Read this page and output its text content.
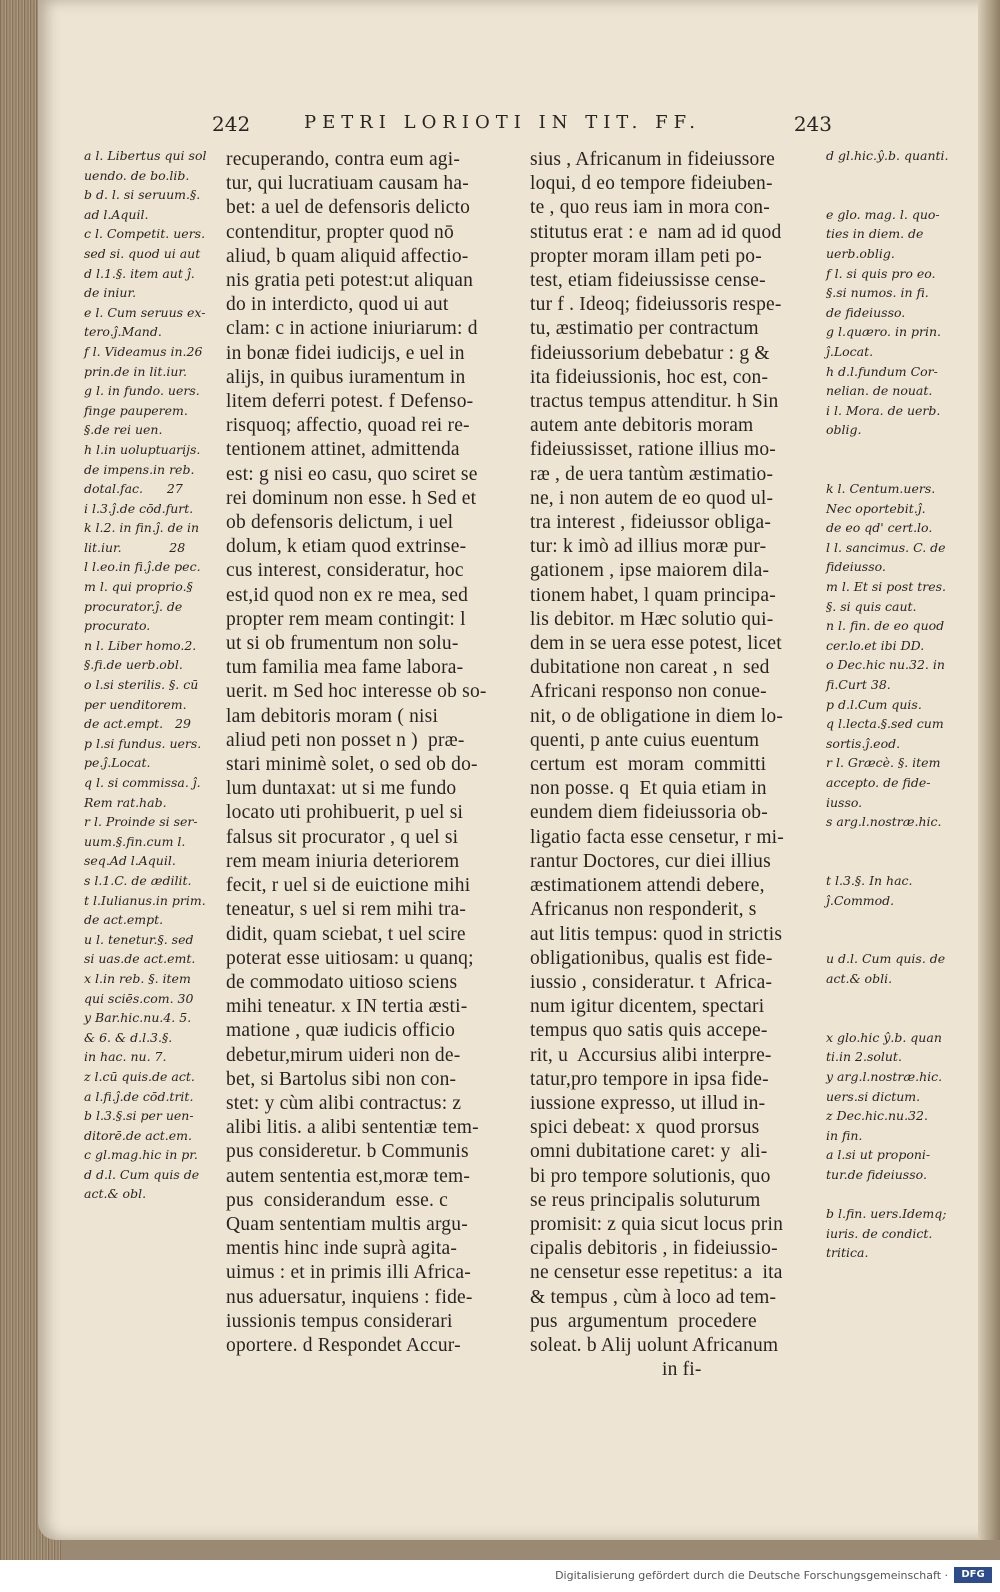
242	PETRI LORIOTI IN TIT. FF.	243
a l. Libertus qui sol
uendo. de bo.lib.
b d. l. si seruum.§.
ad l.Aquil.
c l. Competit. uers.
sed si. quod ui aut
d l.1.§. item aut ĵ.
de iniur.
e l. Cum seruus ex-
tero.ĵ.Mand.
f l. Videamus in.26
prin.de in lit.iur.
g l. in fundo. uers.
finge pauperem.
§.de rei uen.
h l.in uoluptuarijs.
de impens.in reb.
dotal.fac.      27
i l.3.ĵ.de cōd.furt.
k l.2. in fin.ĵ. de in
lit.iur.            28
l l.eo.in fi.ĵ.de pec.
m l. qui proprio.§
procurator.ĵ. de
procurato.
n l. Liber homo.2.
§.fi.de uerb.obl.
o l.si sterilis. §. cū
per uenditorem.
de act.empt.   29
p l.si fundus. uers.
pe.ĵ.Locat.
q l. si commissa. ĵ.
Rem rat.hab.
r l. Proinde si ser-
uum.§.fin.cum l.
seq.Ad l.Aquil.
s l.1.C. de ædilit.
t l.Iulianus.in prim.
de act.empt.
u l. tenetur.§. sed
si uas.de act.emt.
x l.in reb. §. item
qui sciēs.com. 30
y Bar.hic.nu.4. 5.
& 6. & d.l.3.§.
in hac. nu. 7.
z l.cū quis.de act.
a l.fi.ĵ.de cōd.trit.
b l.3.§.si per uen-
ditorē.de act.em.
c gl.mag.hic in pr.
d d.l. Cum quis de
act.& obl.
recuperando, contra eum agi-
tur, qui lucratiuam causam ha-
bet: a uel de defensoris delicto
contenditur, propter quod nō
aliud, b quam aliquid affectio-
nis gratia peti potest:ut aliquan
do in interdicto, quod ui aut
clam: c in actione iniuriarum: d
in bonæ fidei iudicijs, e uel in
alijs, in quibus iuramentum in
litem deferri potest. f Defenso-
risquoq; affectio, quoad rei re-
tentionem attinet, admittenda
est: g nisi eo casu, quo sciret se
rei dominum non esse. h Sed et
ob defensoris delictum, i uel
dolum, k etiam quod extrinse-
cus interest, consideratur, hoc
est,id quod non ex re mea, sed
propter rem meam contingit: l
ut si ob frumentum non solu-
tum familia mea fame labora-
uerit. m Sed hoc interesse ob so-
lam debitoris moram ( nisi
aliud peti non posset n )  præ-
stari minimè solet, o sed ob do-
lum duntaxat: ut si me fundo
locato uti prohibuerit, p uel si
falsus sit procurator , q uel si
rem meam iniuria deteriorem
fecit, r uel si de euictione mihi
teneatur, s uel si rem mihi tra-
didit, quam sciebat, t uel scire
poterat esse uitiosam: u quanq;
de commodato uitioso sciens
mihi teneatur. x IN tertia æsti-
matione , quæ iudicis officio
debetur,mirum uideri non de-
bet, si Bartolus sibi non con-
stet: y cùm alibi contractus: z
alibi litis. a alibi sententiæ tem-
pus consideretur. b Communis
autem sententia est,moræ tem-
pus  considerandum  esse. c
Quam sententiam multis argu-
mentis hinc inde suprà agita-
uimus : et in primis illi Africa-
nus aduersatur, inquiens : fide-
iussionis tempus considerari
oportere. d Respondet Accur-
sius , Africanum in fideiussore
loqui, d eo tempore fideiuben-
te , quo reus iam in mora con-
stitutus erat : e  nam ad id quod
propter moram illam peti po-
test, etiam fideiussisse cense-
tur f . Ideoq; fideiussoris respe-
tu, æstimatio per contractum
fideiussorium debebatur : g &
ita fideiussionis, hoc est, con-
tractus tempus attenditur. h Sin
autem ante debitoris moram
fideiussisset, ratione illius mo-
ræ , de uera tantùm æstimatio-
ne, i non autem de eo quod ul-
tra interest , fideiussor obliga-
tur: k imò ad illius moræ pur-
gationem , ipse maiorem dila-
tionem habet, l quam principa-
lis debitor. m Hæc solutio qui-
dem in se uera esse potest, licet
dubitatione non careat , n  sed
Africani responso non conue-
nit, o de obligatione in diem lo-
quenti, p ante cuius euentum
certum  est  moram  committi
non posse. q  Et quia etiam in
eundem diem fideiussoria ob-
ligatio facta esse censetur, r mi-
rantur Doctores, cur diei illius
æstimationem attendi debere,
Africanus non responderit, s
aut litis tempus: quod in strictis
obligationibus, qualis est fide-
iussio , consideratur. t  Africa-
num igitur dicentem, spectari
tempus quo satis quis accepe-
rit, u  Accursius alibi interpre-
tatur,pro tempore in ipsa fide-
iussione expresso, ut illud in-
spici debeat: x  quod prorsus
omni dubitatione caret: y  ali-
bi pro tempore solutionis, quo
se reus principalis soluturum
promisit: z quia sicut locus prin
cipalis debitoris , in fideiussio-
ne censetur esse repetitus: a  ita
& tempus , cùm à loco ad tem-
pus  argumentum  procedere
soleat. b Alij uolunt Africanum
in fi-
d gl.hic.ŷ.b. quanti.

e glo. mag. l. quo-
ties in diem. de
uerb.oblig.
f l. si quis pro eo.
§.si numos. in fi.
de fideiusso.
g l.quæro. in prin.
ĵ.Locat.
h d.l.fundum Cor-
nelian. de nouat.
i l. Mora. de uerb.
oblig.

k l. Centum.uers.
Nec oportebit.ĵ.
de eo qd' cert.lo.
l l. sancimus. C. de
fideiusso.
m l. Et si post tres.
§. si quis caut.
n l. fin. de eo quod
cer.lo.et ibi DD.
o Dec.hic nu.32. in
fi.Curt 38.
p d.l.Cum quis.
q l.lecta.§.sed cum
sortis.ĵ.eod.
r l. Græcè. §. item
accepto. de fide-
iusso.
s arg.l.nostræ.hic.

t l.3.§. In hac.
ĵ.Commod.

u d.l. Cum quis. de
act.& obli.

x glo.hic ŷ.b. quan
ti.in 2.solut.
y arg.l.nostræ.hic.
uers.si dictum.
z Dec.hic.nu.32.
in fin.
a l.si ut proponi-
tur.de fideiusso.

b l.fin. uers.Idemq;
iuris. de condict.
tritica.
Digitalisierung gefördert durch die Deutsche Forschungsgemeinschaft ·	DFG
